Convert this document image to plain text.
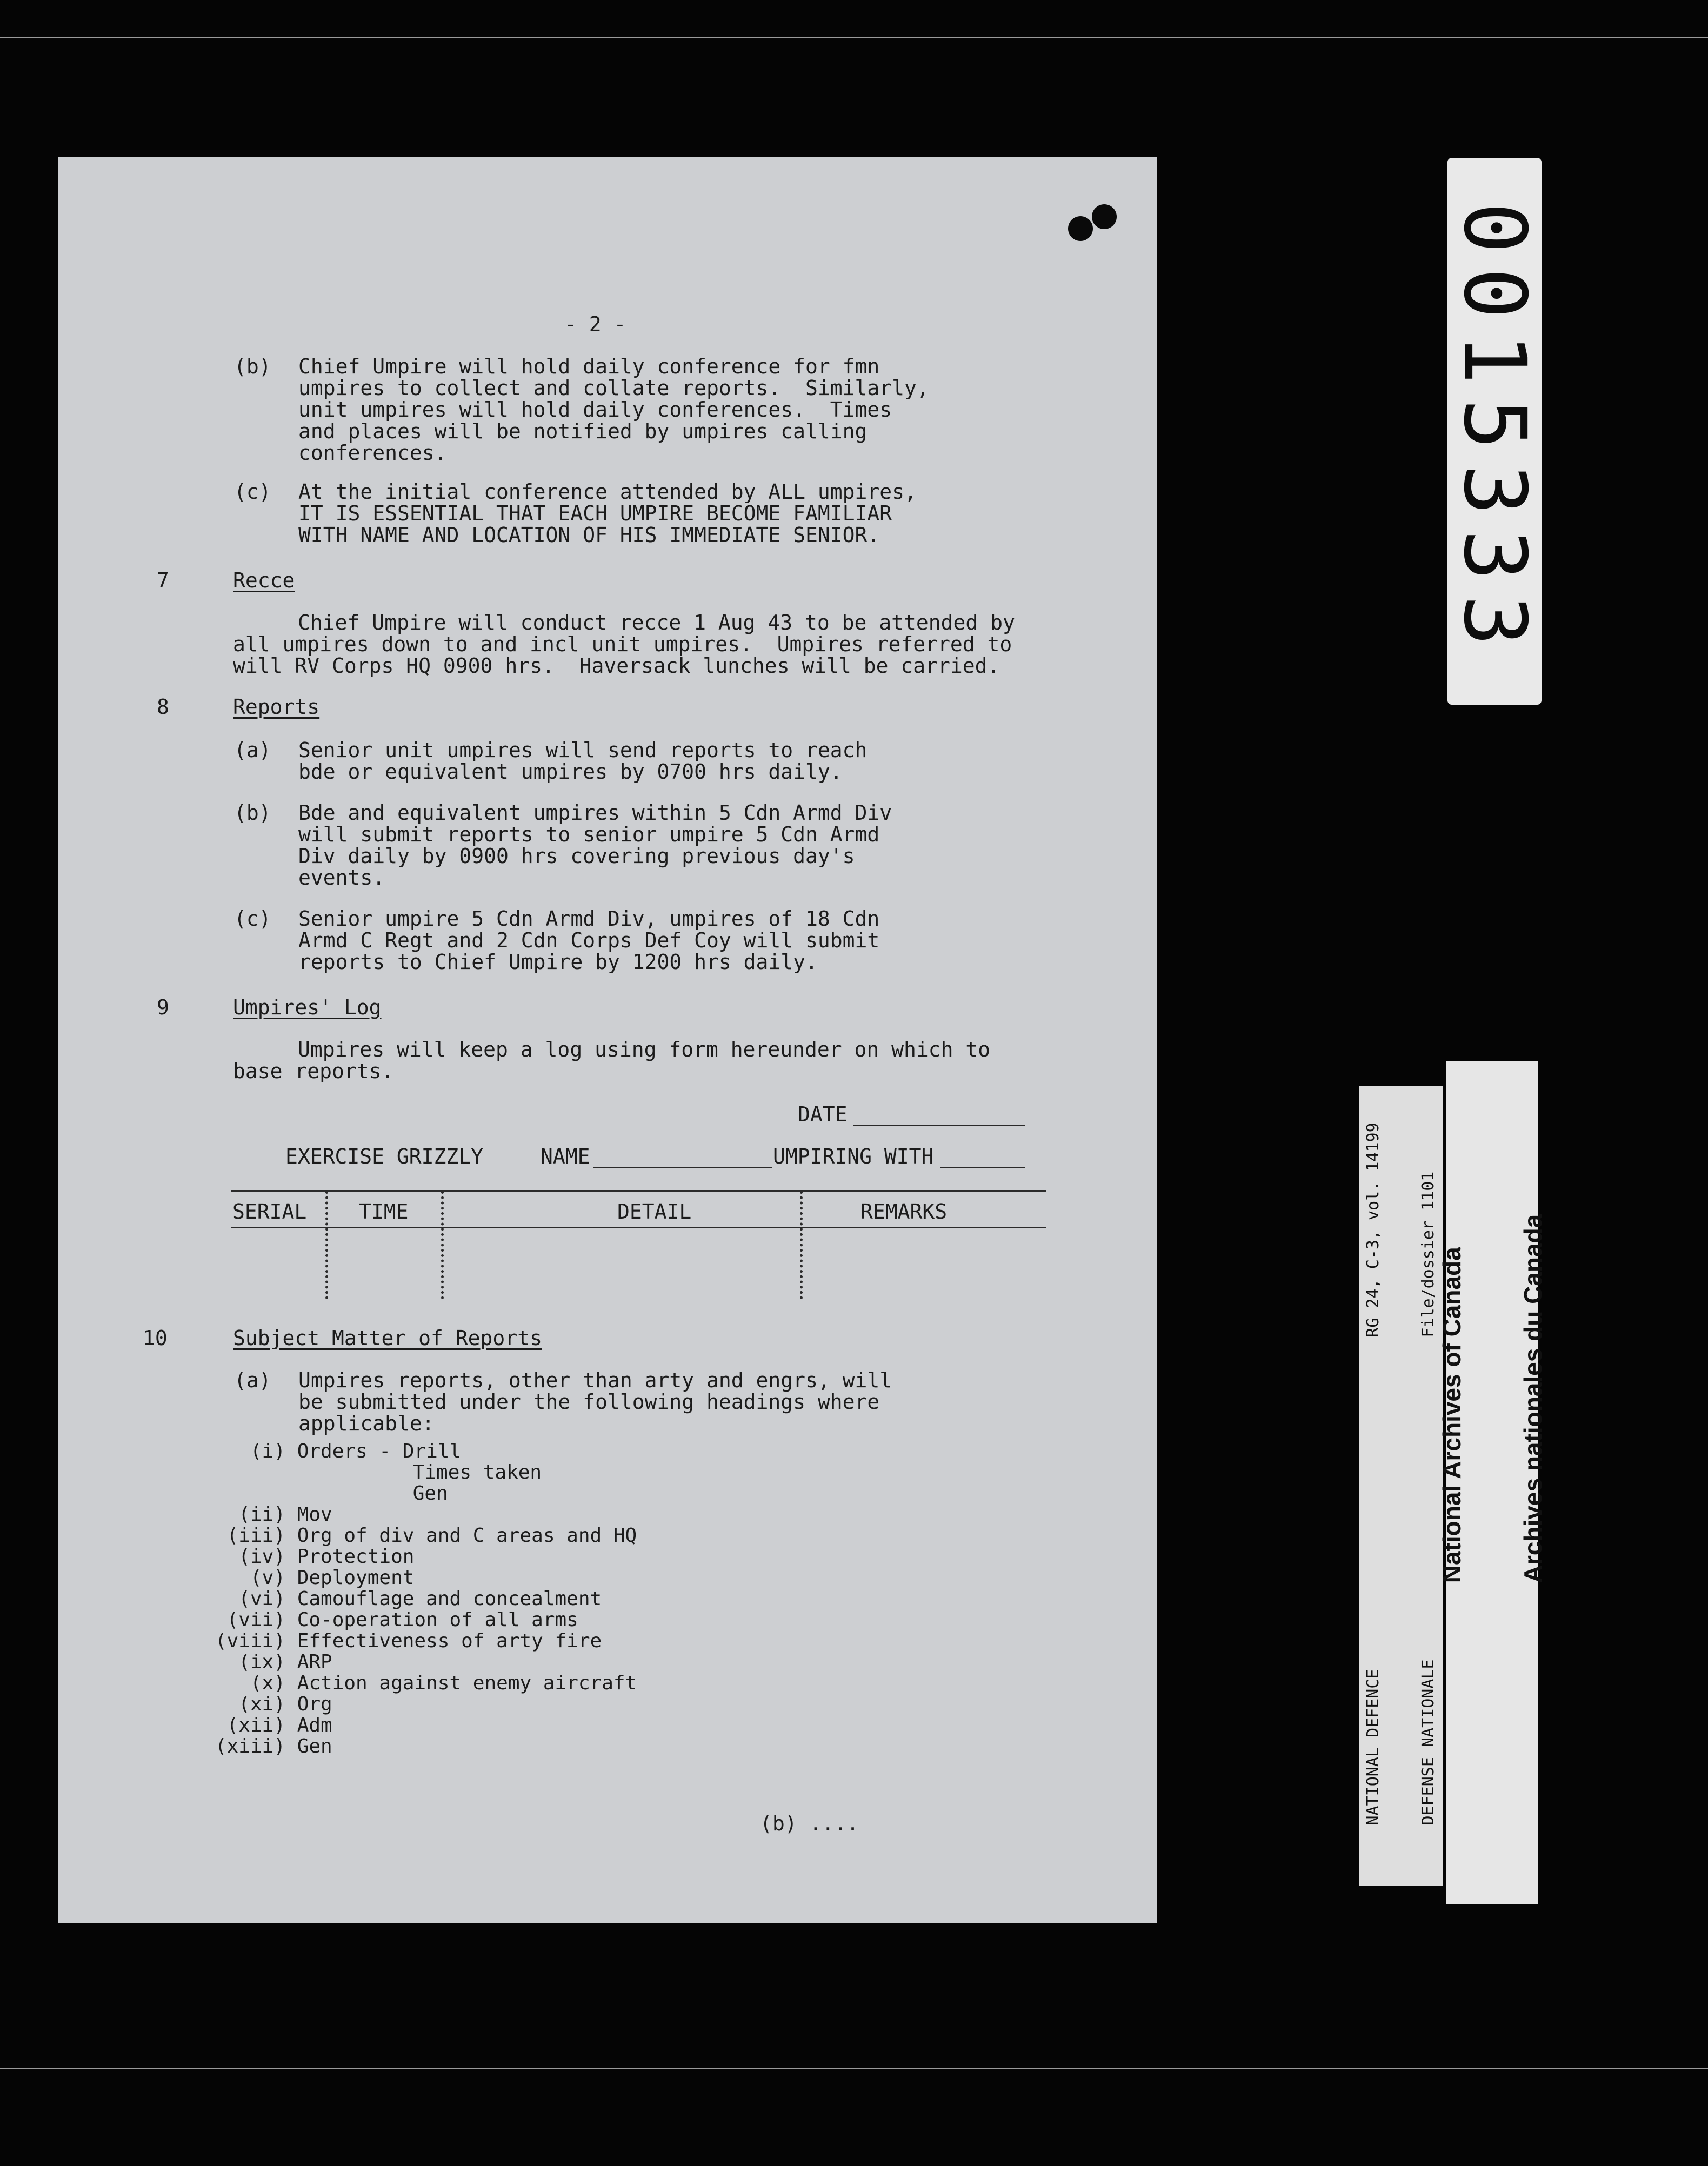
- 2 -
(b) Chief Umpire will hold daily conference for fmn
umpires to collect and collate reports.  Similarly,
unit umpires will hold daily conferences.  Times
and places will be notified by umpires calling
conferences.
(c) At the initial conference attended by ALL umpires,
IT IS ESSENTIAL THAT EACH UMPIRE BECOME FAMILIAR
WITH NAME AND LOCATION OF HIS IMMEDIATE SENIOR.
7	Recce
Chief Umpire will conduct recce 1 Aug 43 to be attended by
all umpires down to and incl unit umpires.  Umpires referred to
will RV Corps HQ 0900 hrs.  Haversack lunches will be carried.
8	Reports
(a) Senior unit umpires will send reports to reach
bde or equivalent umpires by 0700 hrs daily.
(b) Bde and equivalent umpires within 5 Cdn Armd Div
will submit reports to senior umpire 5 Cdn Armd
Div daily by 0900 hrs covering previous day's
events.
(c) Senior umpire 5 Cdn Armd Div, umpires of 18 Cdn
Armd C Regt and 2 Cdn Corps Def Coy will submit
reports to Chief Umpire by 1200 hrs daily.
9	Umpires' Log
Umpires will keep a log using form hereunder on which to
base reports.
DATE
EXERCISE GRIZZLY	NAME	UMPIRING WITH
SERIAL	TIME	DETAIL	REMARKS
10	Subject Matter of Reports
(a) Umpires reports, other than arty and engrs, will
be submitted under the following headings where
applicable:
(i) Orders - Drill
Times taken
Gen
(ii) Mov
(iii) Org of div and C areas and HQ
(iv) Protection
(v) Deployment
(vi) Camouflage and concealment
(vii) Co-operation of all arms
(viii) Effectiveness of arty fire
(ix) ARP
(x) Action against enemy aircraft
(xi) Org
(xii) Adm
(xiii) Gen
(b) ....
0015333

RG 24, C-3, vol. 14199

File/dossier 1101

NATIONAL DEFENCE

DEFENSE NATIONALE

National Archives of Canada

Archives nationales du Canada
